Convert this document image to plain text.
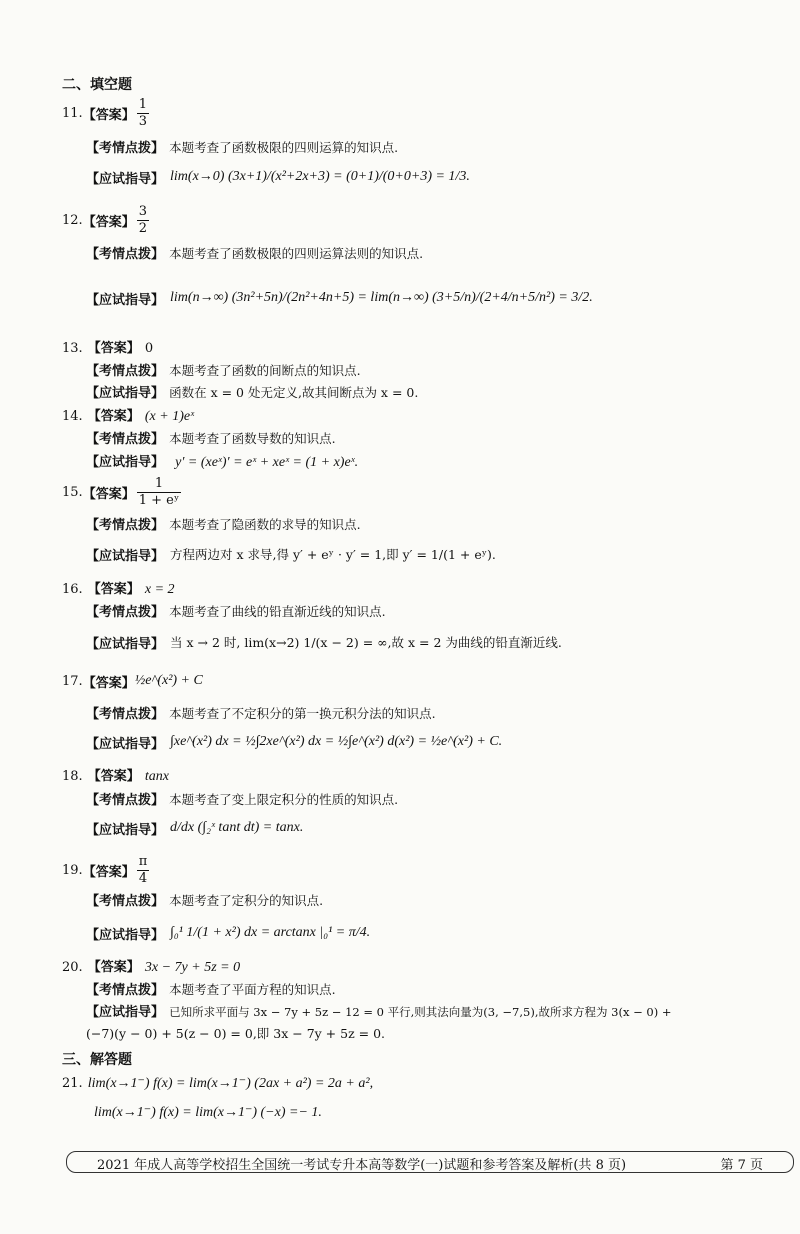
二、填空题
11. 【答案】 $\frac{1}{3}$
【考情点拨】 本题考查了函数极限的四则运算的知识点.
【应试指导】 lim(x→0) (3x+1)/(x²+2x+3) = (0+1)/(0+0+3) = 1/3.
12. 【答案】 $\frac{3}{2}$
【考情点拨】 本题考查了函数极限的四则运算法则的知识点.
【应试指导】 lim(n→∞) (3n²+5n)/(2n²+4n+5) = lim(n→∞) (3+5/n)/(2+4/n+5/n²) = 3/2.
13. 【答案】 0
【考情点拨】 本题考查了函数的间断点的知识点.
【应试指导】 函数在 x = 0 处无定义,故其间断点为 x = 0.
14. 【答案】 (x + 1)eˣ
【考情点拨】 本题考查了函数导数的知识点.
【应试指导】 y′ = (xeˣ)′ = eˣ + xeˣ = (1 + x)eˣ.
15. 【答案】 $\frac{1}{\text{1 + eʸ}}$
【考情点拨】 本题考查了隐函数的求导的知识点.
【应试指导】 方程两边对 x 求导,得 y′ + eʸ · y′ = 1,即 y′ = 1/(1 + eʸ).
16. 【答案】 x = 2
【考情点拨】 本题考查了曲线的铅直渐近线的知识点.
【应试指导】 当 x → 2 时, lim(x→2) 1/(x − 2) = ∞,故 x = 2 为曲线的铅直渐近线.
17. 【答案】 ½e^(x²) + C
【考情点拨】 本题考查了不定积分的第一换元积分法的知识点.
【应试指导】 ∫xe^(x²) dx = ½∫2xe^(x²) dx = ½∫e^(x²) d(x²) = ½e^(x²) + C.
18. 【答案】 tanx
【考情点拨】 本题考查了变上限定积分的性质的知识点.
【应试指导】 d/dx (∫₂ˣ tant dt) = tanx.
19. 【答案】 $\frac{\pi}{4}$
【考情点拨】 本题考查了定积分的知识点.
【应试指导】 ∫₀¹ 1/(1 + x²) dx = arctanx |₀¹ = π/4.
20. 【答案】 3x − 7y + 5z = 0
【考情点拨】 本题考查了平面方程的知识点.
【应试指导】 已知所求平面与 3x − 7y + 5z − 12 = 0 平行,则其法向量为(3, −7,5),故所求方程为 3(x − 0) +
(−7)(y − 0) + 5(z − 0) = 0,即 3x − 7y + 5z = 0.
三、解答题
21. lim(x→1⁻) f(x) = lim(x→1⁻) (2ax + a²) = 2a + a²,
lim(x→1⁻) f(x) = lim(x→1⁻) (−x) =− 1.
2021 年成人高等学校招生全国统一考试专升本高等数学(一)试题和参考答案及解析(共 8 页)	第 7 页
